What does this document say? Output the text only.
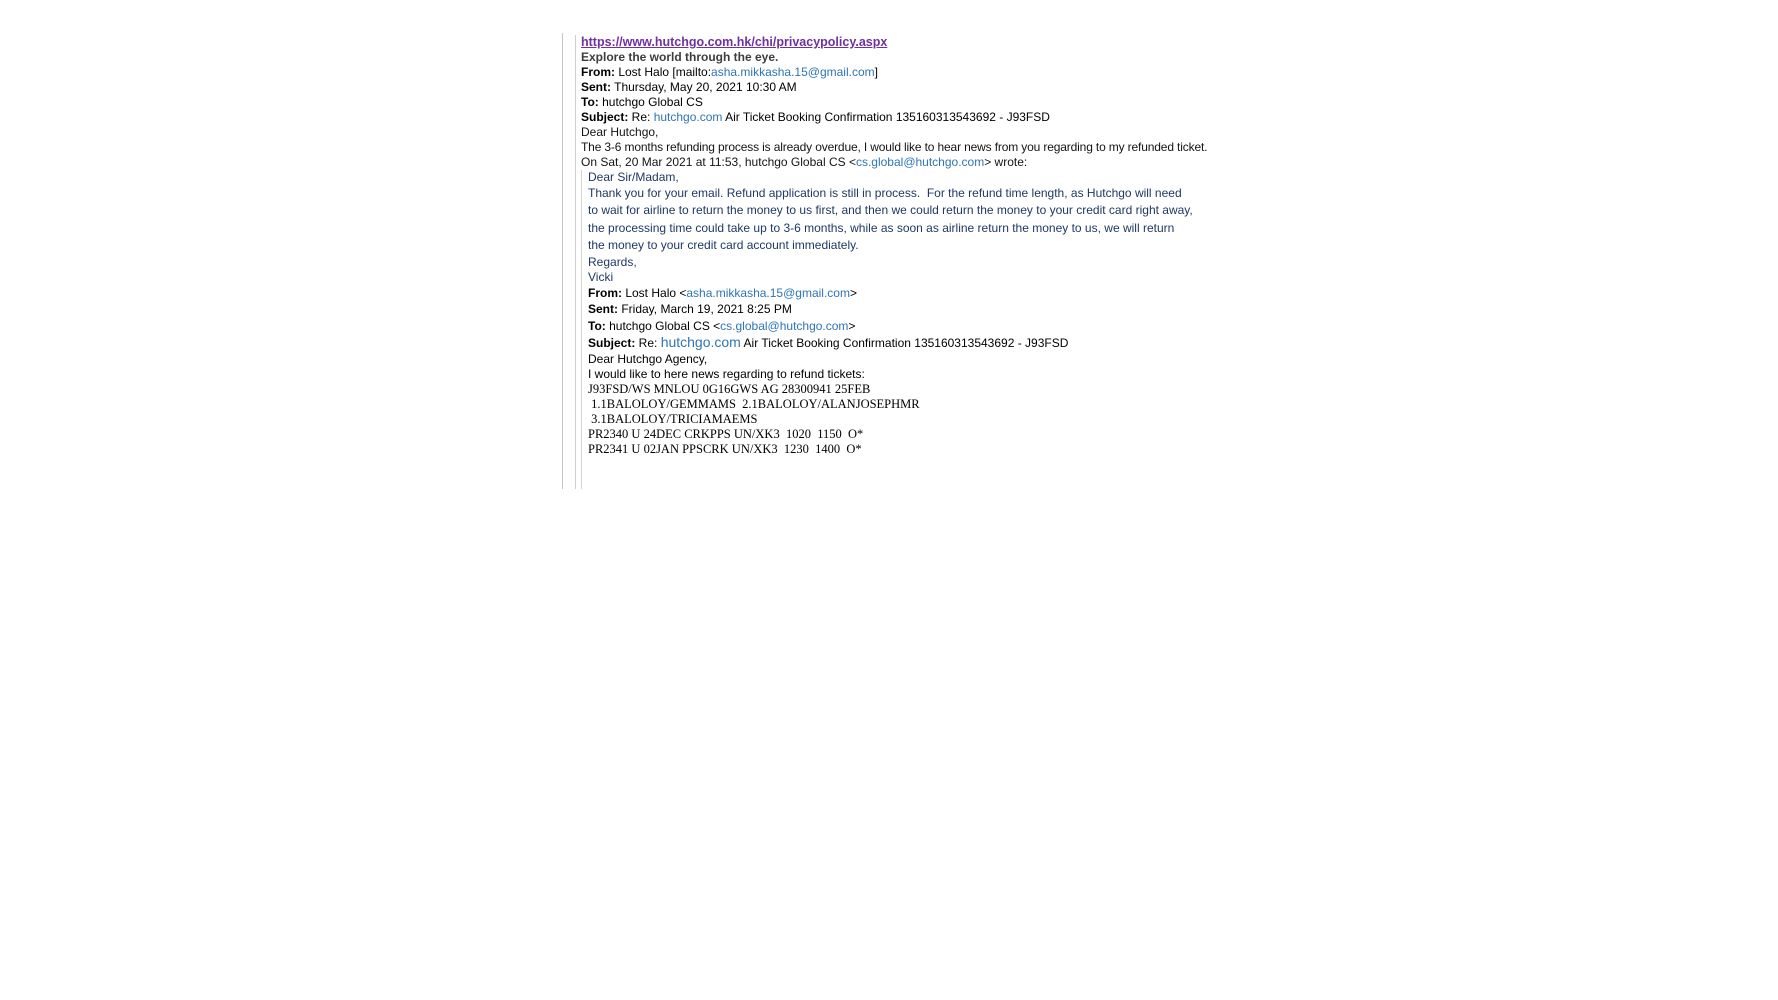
https://www.hutchgo.com.hk/chi/privacypolicy.aspx

Explore the world through the eye.

From: Lost Halo [mailto:asha.mikkasha.15@gmail.com]
Sent: Thursday, May 20, 2021 10:30 AM
To: hutchgo Global CS
Subject: Re: hutchgo.com Air Ticket Booking Confirmation 135160313543692 - J93FSD
Dear Hutchgo,
The 3-6 months refunding process is already overdue, I would like to hear news from you regarding to my refunded ticket.
On Sat, 20 Mar 2021 at 11:53, hutchgo Global CS <cs.global@hutchgo.com> wrote:
Dear Sir/Madam,
Thank you for your email. Refund application is still in process.  For the refund time length, as Hutchgo will need to wait for airline to return the money to us first, and then we could return the money to your credit card right away, the processing time could take up to 3-6 months, while as soon as airline return the money to us, we will return the money to your credit card account immediately.
Regards,
Vicki
From: Lost Halo <asha.mikkasha.15@gmail.com>
Sent: Friday, March 19, 2021 8:25 PM
To: hutchgo Global CS <cs.global@hutchgo.com>
Subject: Re: hutchgo.com Air Ticket Booking Confirmation 135160313543692 - J93FSD
Dear Hutchgo Agency,
I would like to here news regarding to refund tickets:
J93FSD/WS MNLOU 0G16GWS AG 28300941 25FEB
1.1BALOLOY/GEMMAMS  2.1BALOLOY/ALANJOSEPHMR
3.1BALOLOY/TRICIAMAEMS
PR2340 U 24DEC CRKPPS UN/XK3  1020  1150  O*
PR2341 U 02JAN PPSCRK UN/XK3  1230  1400  O*
